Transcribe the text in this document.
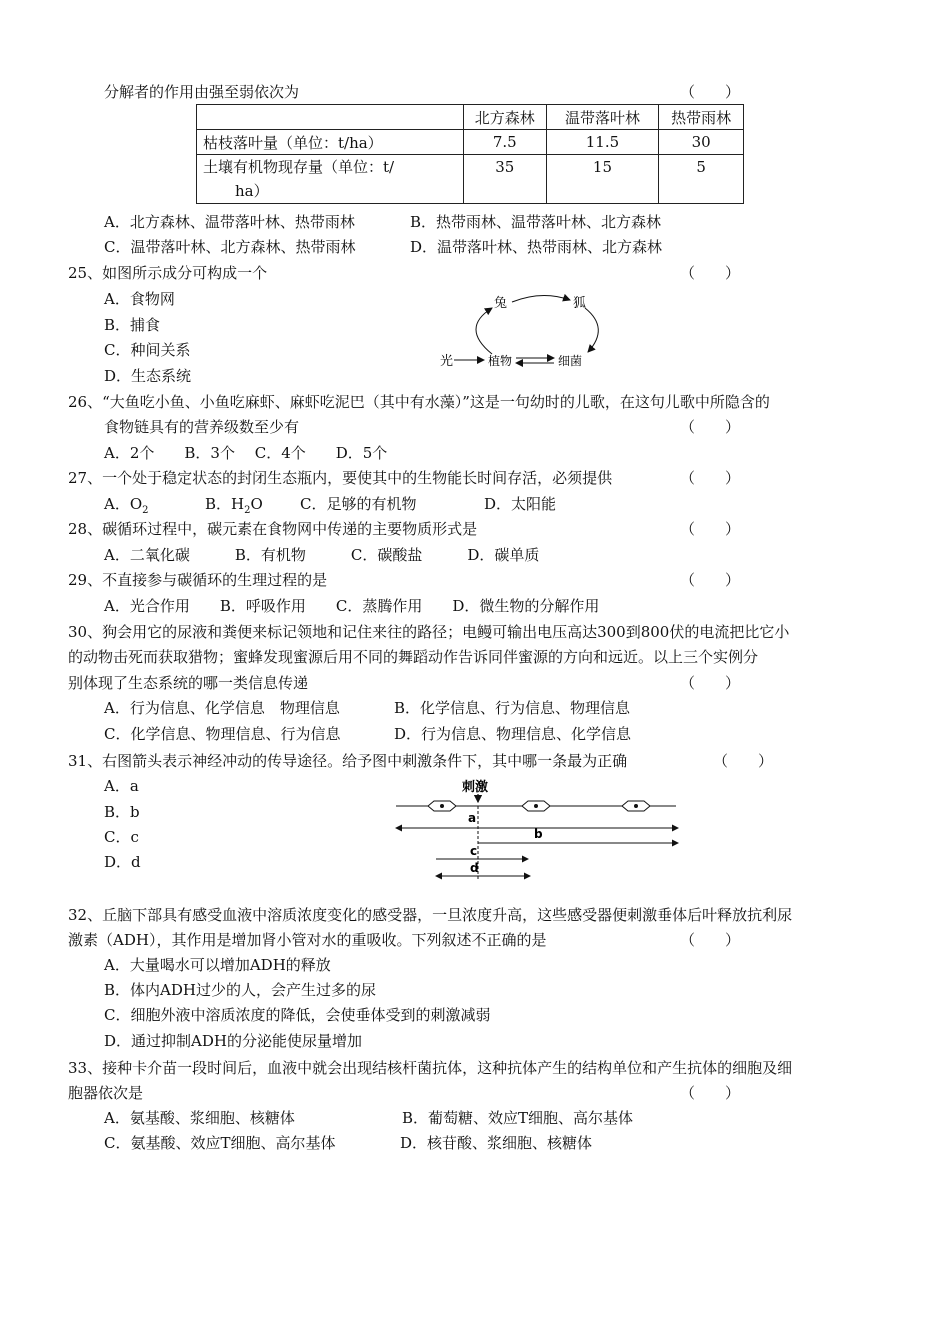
分解者的作用由强至弱依次为	（　　）
	北方森林	温带落叶林	热带雨林
枯枝落叶量（单位：t/ha）	7.5	11.5	30

土壤有机物现存量（单位：t/
ha）	35	15	5
A．北方森林、温带落叶林、热带雨林	B．热带雨林、温带落叶林、北方森林
C．温带落叶林、北方森林、热带雨林	D．温带落叶林、热带雨林、北方森林
25、如图所示成分可构成一个	（　　）
A．食物网
B．捕食
C．种间关系
D．生态系统
兔	狐
光	植物	细菌
26、“大鱼吃小鱼、小鱼吃麻虾、麻虾吃泥巴（其中有水藻）”这是一句幼时的儿歌，在这句儿歌中所隐含的
食物链具有的营养级数至少有	（　　）
A．2个　　B．3个　 C．4个　　D．5个
27、一个处于稳定状态的封闭生态瓶内，要使其中的生物能长时间存活，必须提供	（　　）
A．$O_2$	B．$H_2O$ C．足够的有机物	D．太阳能
28、碳循环过程中，碳元素在食物网中传递的主要物质形式是	（　　）
A．二氧化碳　　　B．有机物　　　C．碳酸盐　　　D．碳单质
29、不直接参与碳循环的生理过程的是	（　　）
A．光合作用　　B．呼吸作用　　C．蒸腾作用　　D．微生物的分解作用
30、狗会用它的尿液和粪便来标记领地和记住来往的路径；电鳗可输出电压高达300到800伏的电流把比它小
的动物击死而获取猎物；蜜蜂发现蜜源后用不同的舞蹈动作告诉同伴蜜源的方向和远近。以上三个实例分
别体现了生态系统的哪一类信息传递	（　　）
A．行为信息、化学信息　物理信息	B．化学信息、行为信息、物理信息
C．化学信息、物理信息、行为信息	D．行为信息、物理信息、化学信息
31、右图箭头表示神经冲动的传导途径。给予图中刺激条件下，其中哪一条最为正确	（　　）
A．a
B．b
C．c
D．d
刺激
a
b
c
d
32、丘脑下部具有感受血液中溶质浓度变化的感受器，一旦浓度升高，这些感受器便刺激垂体后叶释放抗利尿
激素（ADH），其作用是增加肾小管对水的重吸收。下列叙述不正确的是	（　　）
A．大量喝水可以增加ADH的释放
B．体内ADH过少的人，会产生过多的尿
C．细胞外液中溶质浓度的降低，会使垂体受到的刺激减弱
D．通过抑制ADH的分泌能使尿量增加
33、接种卡介苗一段时间后，血液中就会出现结核杆菌抗体，这种抗体产生的结构单位和产生抗体的细胞及细
胞器依次是	（　　）
A．氨基酸、浆细胞、核糖体	B．葡萄糖、效应T细胞、高尔基体
C．氨基酸、效应T细胞、高尔基体	D．核苷酸、浆细胞、核糖体
